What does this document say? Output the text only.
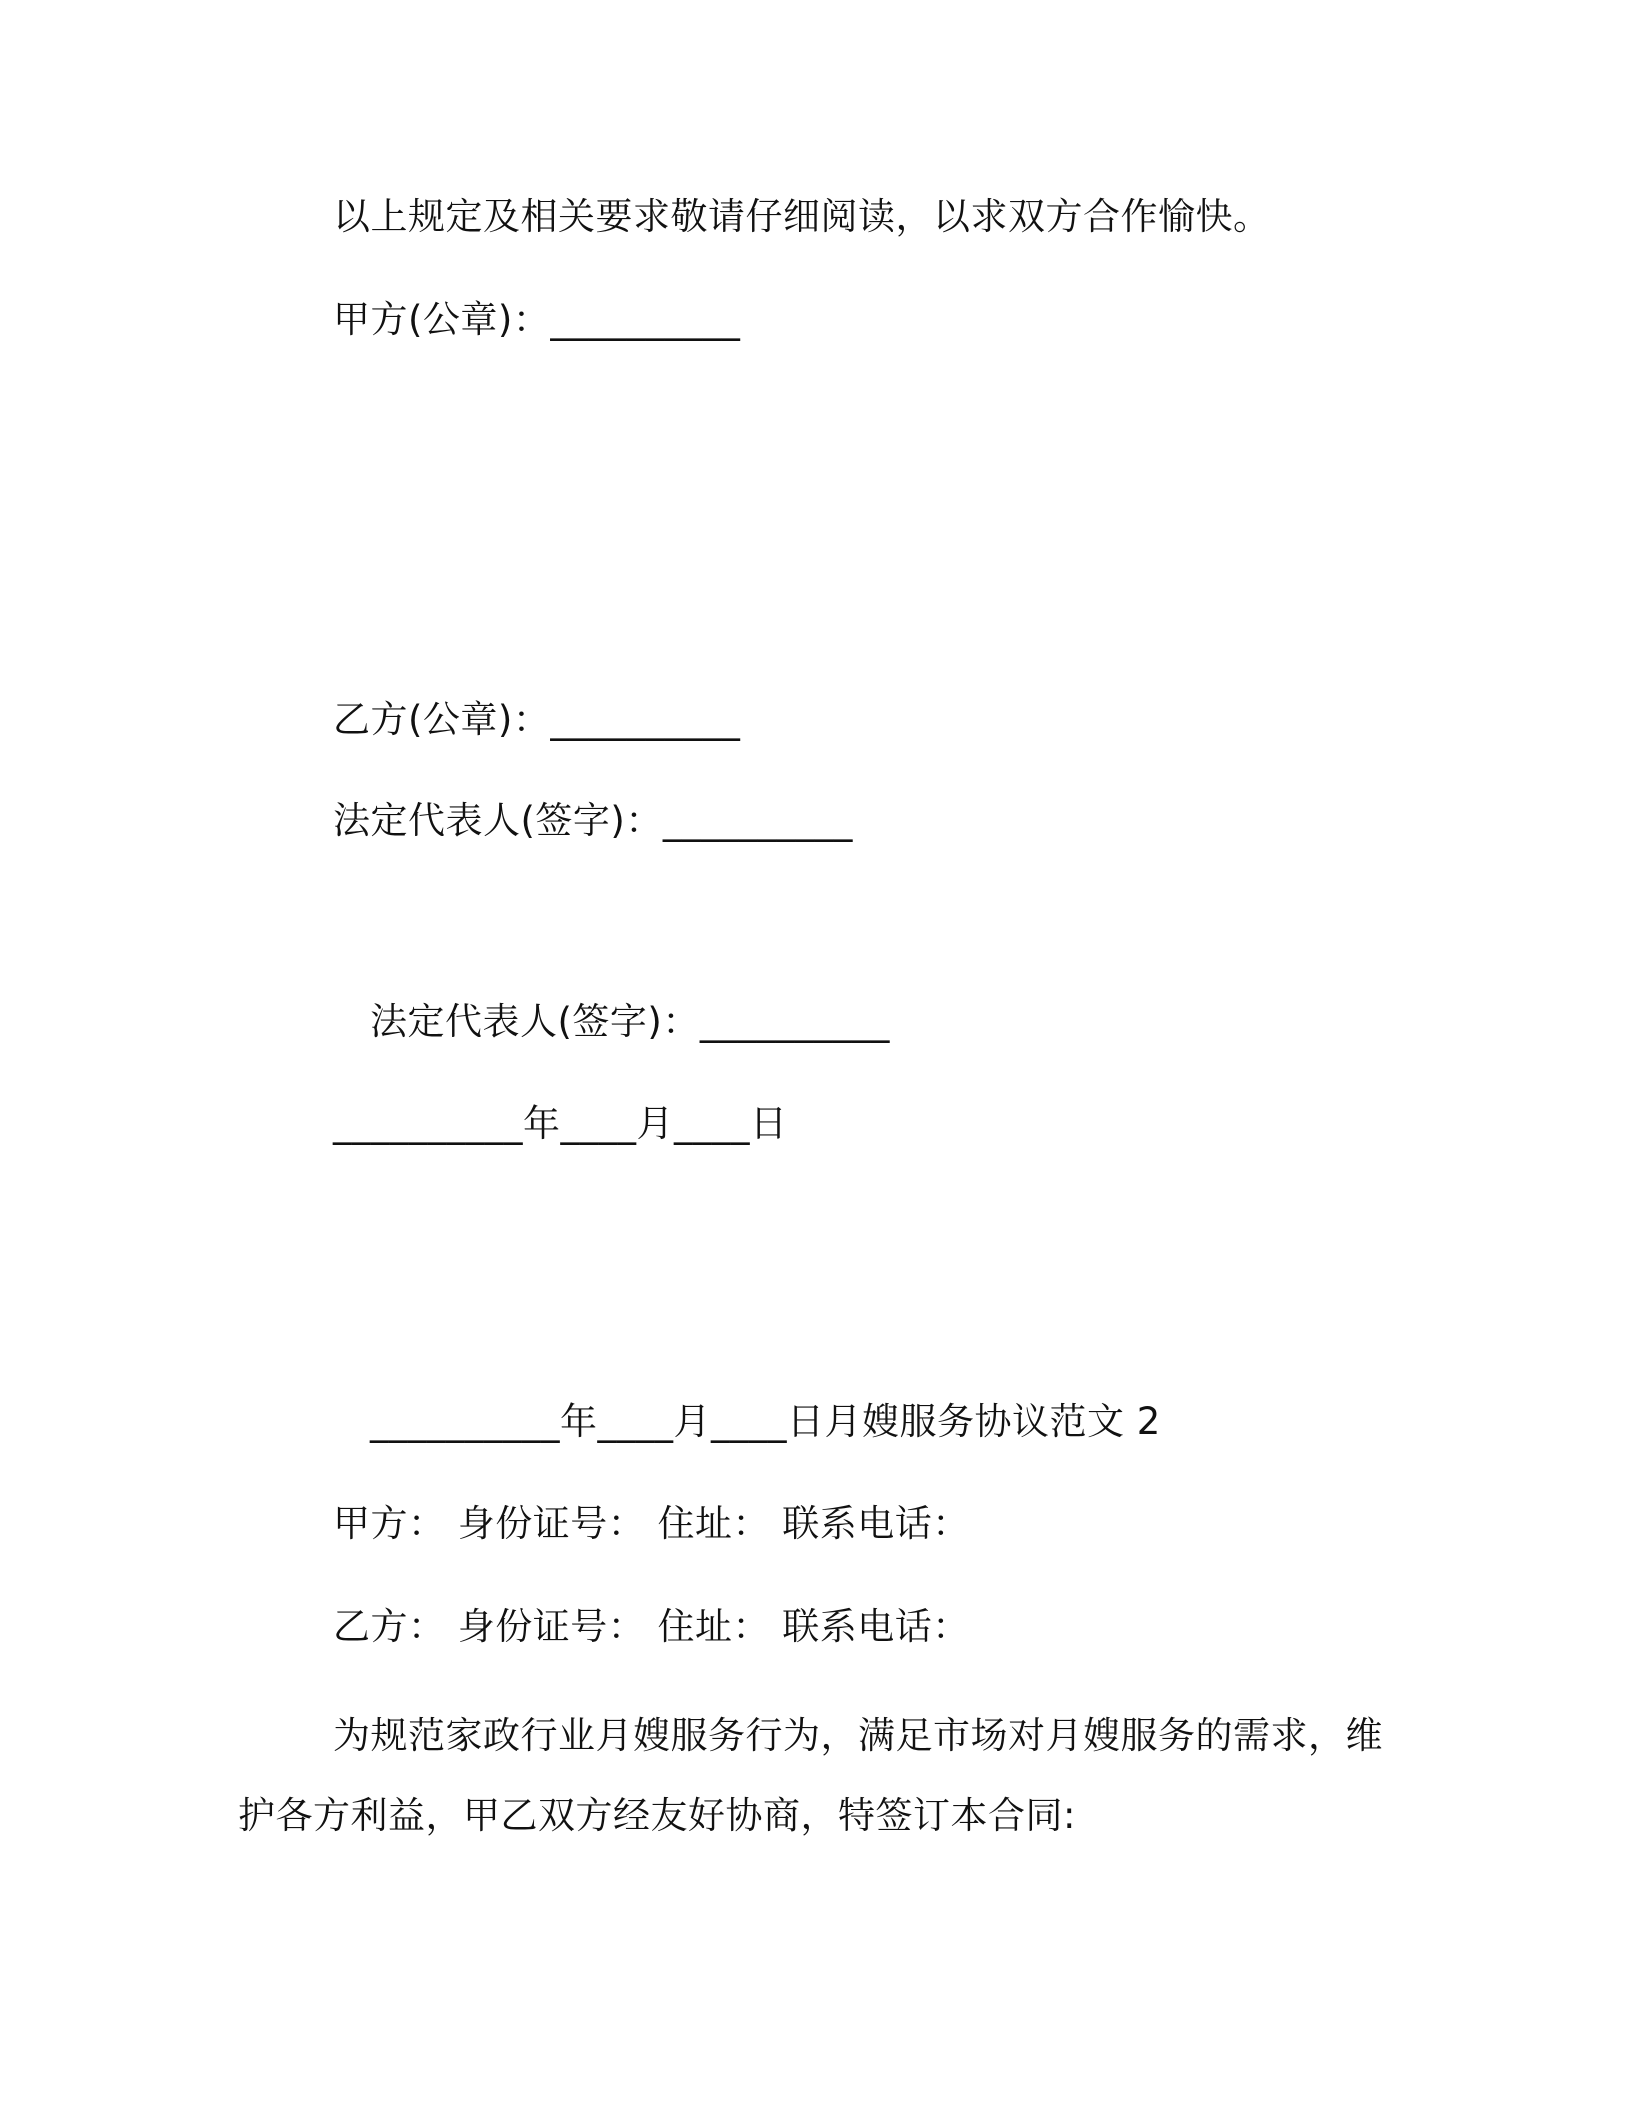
以上规定及相关要求敬请仔细阅读，以求双方合作愉快。
甲方(公章)：__________
乙方(公章)：__________
法定代表人(签字)：__________
法定代表人(签字)：__________
__________年____月____日
__________年____月____日月嫂服务协议范文 2
甲方： 身份证号： 住址： 联系电话：
乙方： 身份证号： 住址： 联系电话：
为规范家政行业月嫂服务行为，满足市场对月嫂服务的需求，维
护各方利益，甲乙双方经友好协商，特签订本合同:
